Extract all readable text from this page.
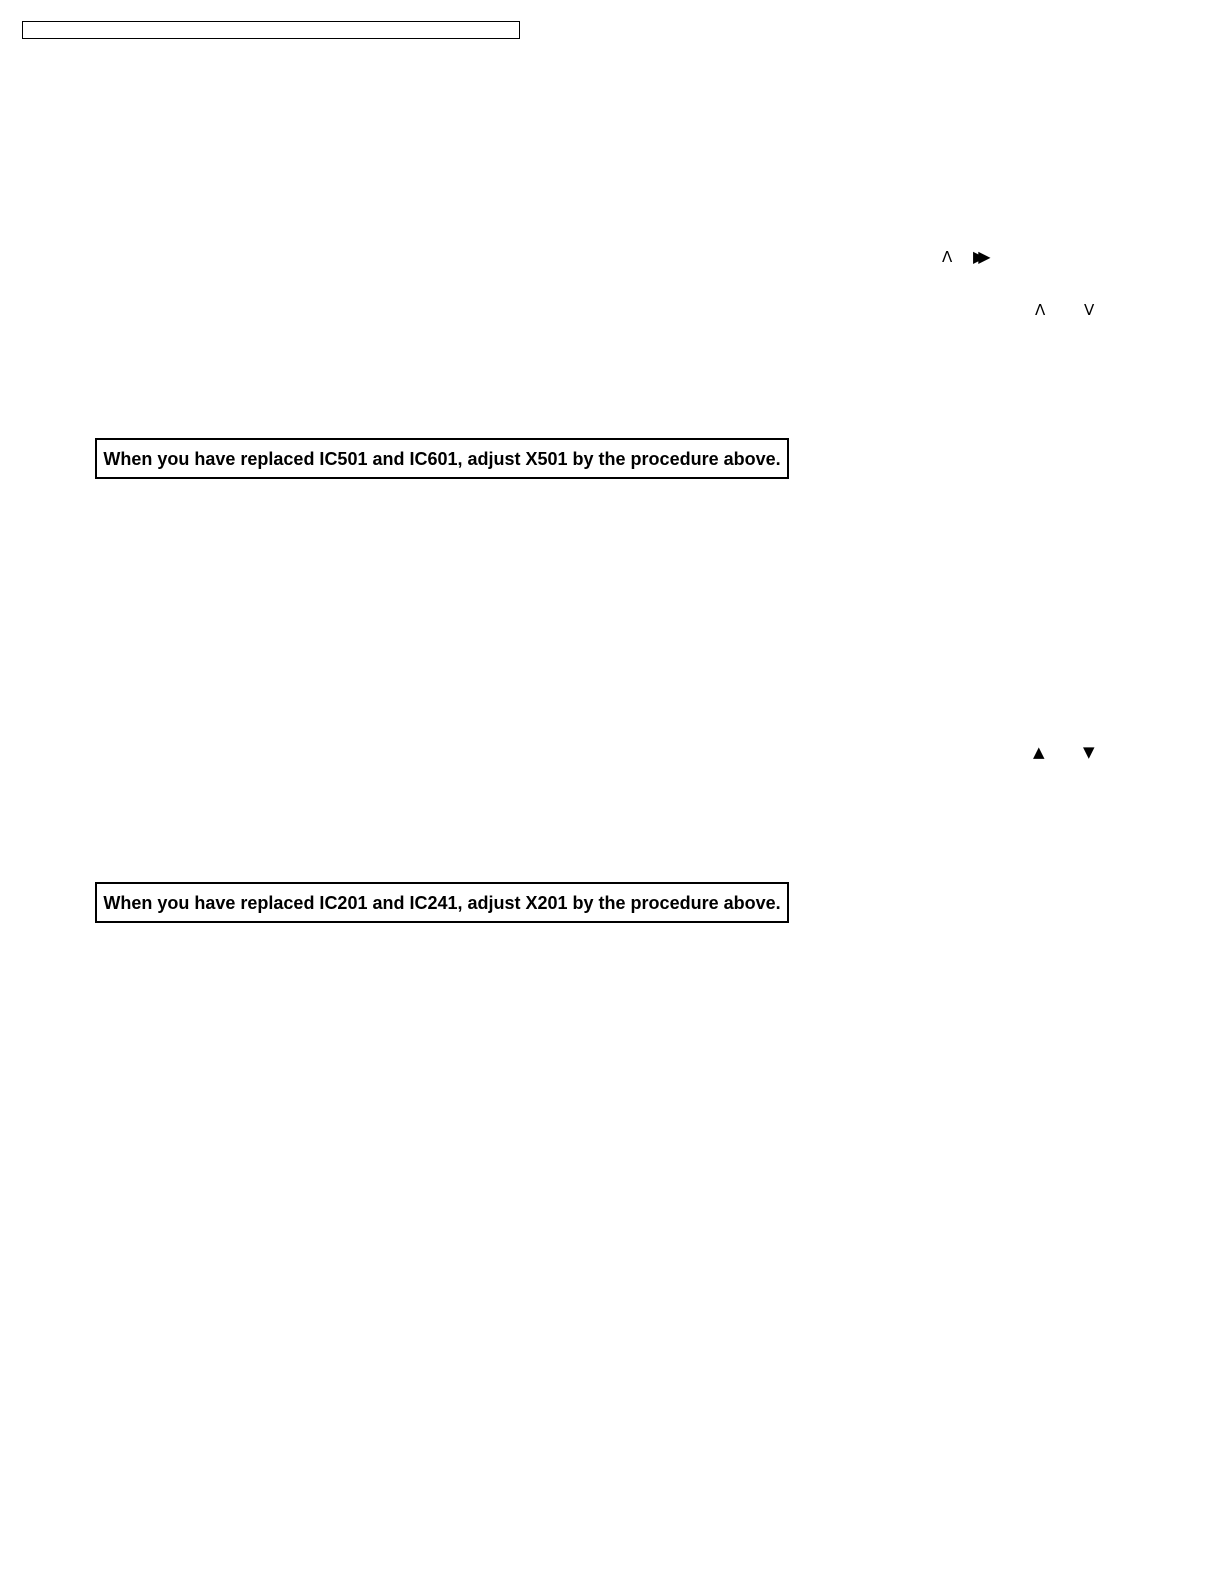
Λ ▶▶
Λ	V
When you have replaced IC501 and IC601, adjust X501 by the procedure above.
▲	▼
When you have replaced IC201 and IC241, adjust X201 by the procedure above.
